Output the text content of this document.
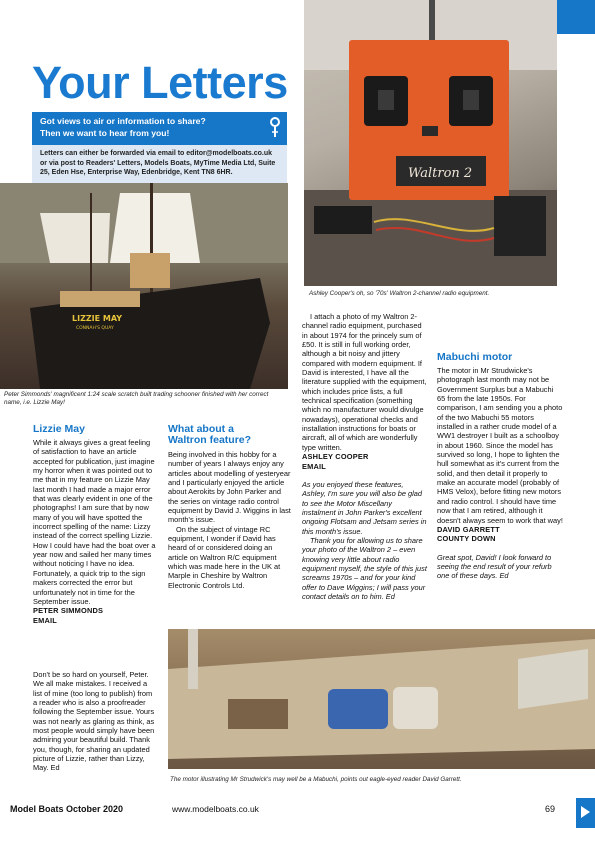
Your Letters

Got views to air or information to share?

Then we want to hear from you!

Letters can either be forwarded via email to editor@modelboats.co.uk or via post to Readers' Letters, Models Boats, MyTime Media Ltd, Suite 25, Eden Hse, Enterprise Way, Edenbridge, Kent TN8 6HR.	Waltron 2
Ashley Cooper's oh, so '70s' Waltron 2-channel radio equipment.
LIZZIE MAY
CONNAH'S QUAY
Peter Simmonds' magnificent 1:24 scale scratch built trading schooner finished with her correct name, i.e. Lizzie May!
Lizzie May

While it always gives a great feeling of satisfaction to have an article accepted for publication, just imagine my horror when it was pointed out to me that in my feature on Lizzie May last month I had made a major error that was clearly evident in one of the photographs! I am sure that by now many of you will have spotted the incorrect spelling of the name: Lizzy instead of the correct spelling Lizzie. How I could have had the boat over a year now and sailed her many times without noticing I have no idea. Fortunately, a quick trip to the sign makers corrected the error but unfortunately not in time for the September issue.

PETER SIMMONDS

EMAIL

Don't be so hard on yourself, Peter. We all make mistakes. I received a list of mine (too long to publish) from a reader who is also a proofreader following the September issue. Yours was not nearly as glaring as think, as most people would simply have been admiring your beautiful build. Thank you, though, for sharing an updated picture of Lizzie, rather than Lizzy, May. Ed

What about a
Waltron feature?

Being involved in this hobby for a number of years I always enjoy any articles about modelling of yesteryear and I particularly enjoyed the article about Aerokits by John Parker and the series on vintage radio control equipment by David J. Wiggins in last month's issue.

On the subject of vintage RC equipment, I wonder if David has heard of or considered doing an article on Waltron R/C equipment which was made here in the UK at Marple in Cheshire by Waltron Electronic Controls Ltd.

I attach a photo of my Waltron 2-channel radio equipment, purchased in about 1974 for the princely sum of £50. It is still in full working order, although a bit noisy and jittery compared with modern equipment. If David is interested, I have all the literature supplied with the equipment, which includes price lists, a full technical specification (something which no manufacturer would divulge nowadays), operational checks and installation instructions for boats or aircraft, all of which are wonderfully type written.

ASHLEY COOPER

EMAIL

As you enjoyed these features, Ashley, I'm sure you will also be glad to see the Motor Miscellany instalment in John Parker's excellent ongoing Flotsam and Jetsam series in this month's issue.

Thank you for allowing us to share your photo of the Waltron 2 – even knowing very little about radio equipment myself, the style of this just screams 1970s – and for your kind offer to Dave Wiggins; I will pass your contact details on to him. Ed

Mabuchi motor

The motor in Mr Strudwicke's photograph last month may not be Government Surplus but a Mabuchi 65 from the late 1950s. For comparison, I am sending you a photo of the two Mabuchi 55 motors installed in a rather crude model of a WW1 destroyer I built as a schoolboy in about 1960. Since the model has survived so long, I hope to lighten the hull somewhat as it's current from the solid, and then detail it properly to make an accurate model (probably of HMS Velox), before fitting new motors and radio control. I should have time now that I am retired, although it doesn't always seem to work that way!

DAVID GARRETT

COUNTY DOWN

Great spot, David! I look forward to seeing the end result of your refurb one of these days. Ed

The motor illustrating Mr Strudwick's may well be a Mabuchi, points out eagle-eyed reader David Garrett.
Model Boats October 2020	www.modelboats.co.uk	69
